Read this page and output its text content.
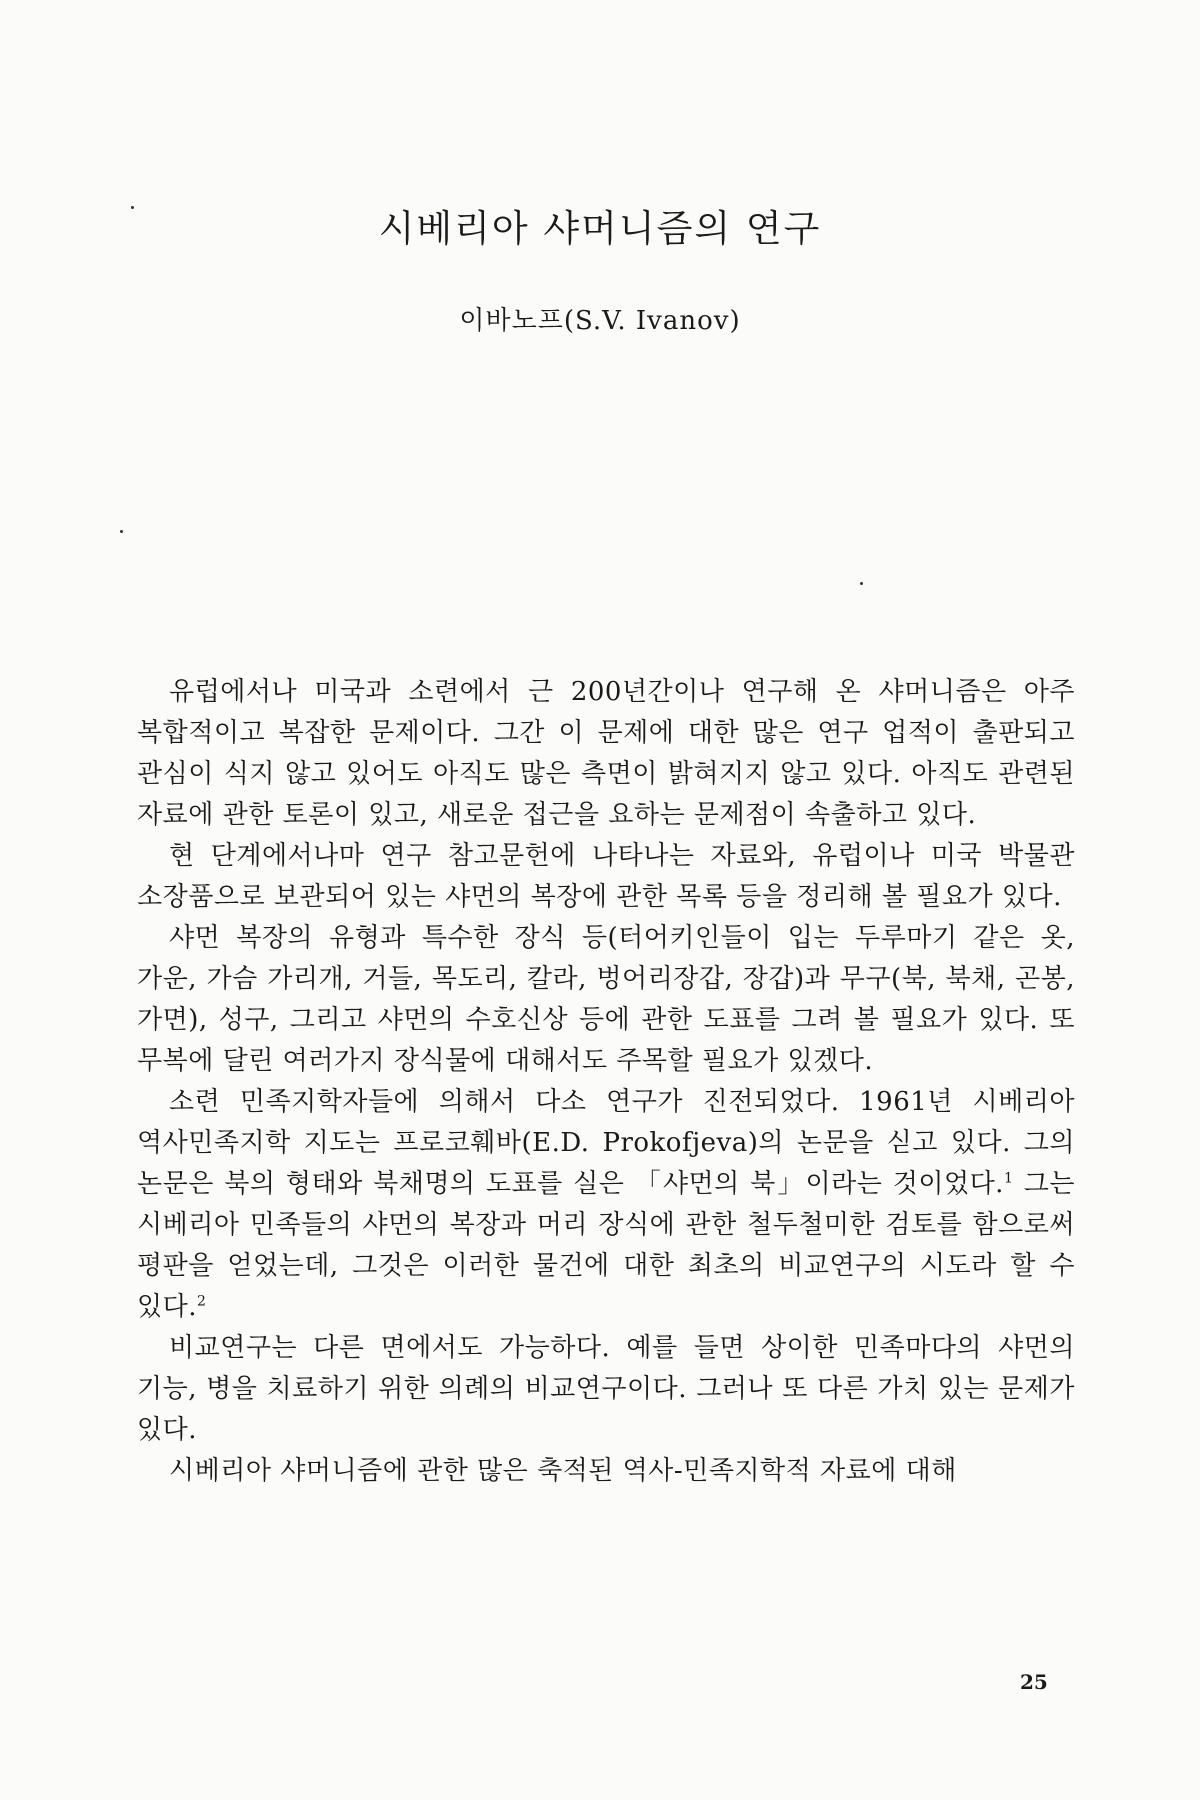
시베리아 샤머니즘의 연구
이바노프(S.V. Ivanov)

유럽에서나 미국과 소련에서 근 200년간이나 연구해 온 샤머니즘은 아주 복합적이고 복잡한 문제이다. 그간 이 문제에 대한 많은 연구 업적이 출판되고 관심이 식지 않고 있어도 아직도 많은 측면이 밝혀지지 않고 있다. 아직도 관련된 자료에 관한 토론이 있고, 새로운 접근을 요하는 문제점이 속출하고 있다.

현 단계에서나마 연구 참고문헌에 나타나는 자료와, 유럽이나 미국 박물관 소장품으로 보관되어 있는 샤먼의 복장에 관한 목록 등을 정리해 볼 필요가 있다.

샤먼 복장의 유형과 특수한 장식 등(터어키인들이 입는 두루마기 같은 옷, 가운, 가슴 가리개, 거들, 목도리, 칼라, 벙어리장갑, 장갑)과 무구(북, 북채, 곤봉, 가면), 성구, 그리고 샤먼의 수호신상 등에 관한 도표를 그려 볼 필요가 있다. 또 무복에 달린 여러가지 장식물에 대해서도 주목할 필요가 있겠다.

소련 민족지학자들에 의해서 다소 연구가 진전되었다. 1961년 시베리아 역사민족지학 지도는 프로코훼바(E.D. Prokofjeva)의 논문을 싣고 있다. 그의 논문은 북의 형태와 북채명의 도표를 실은 「샤먼의 북」이라는 것이었다.$^1$ 그는 시베리아 민족들의 샤먼의 복장과 머리 장식에 관한 철두철미한 검토를 함으로써 평판을 얻었는데, 그것은 이러한 물건에 대한 최초의 비교연구의 시도라 할 수 있다.$^2$

비교연구는 다른 면에서도 가능하다. 예를 들면 상이한 민족마다의 샤먼의 기능, 병을 치료하기 위한 의례의 비교연구이다. 그러나 또 다른 가치 있는 문제가 있다.

시베리아 샤머니즘에 관한 많은 축적된 역사-민족지학적 자료에 대해

25
